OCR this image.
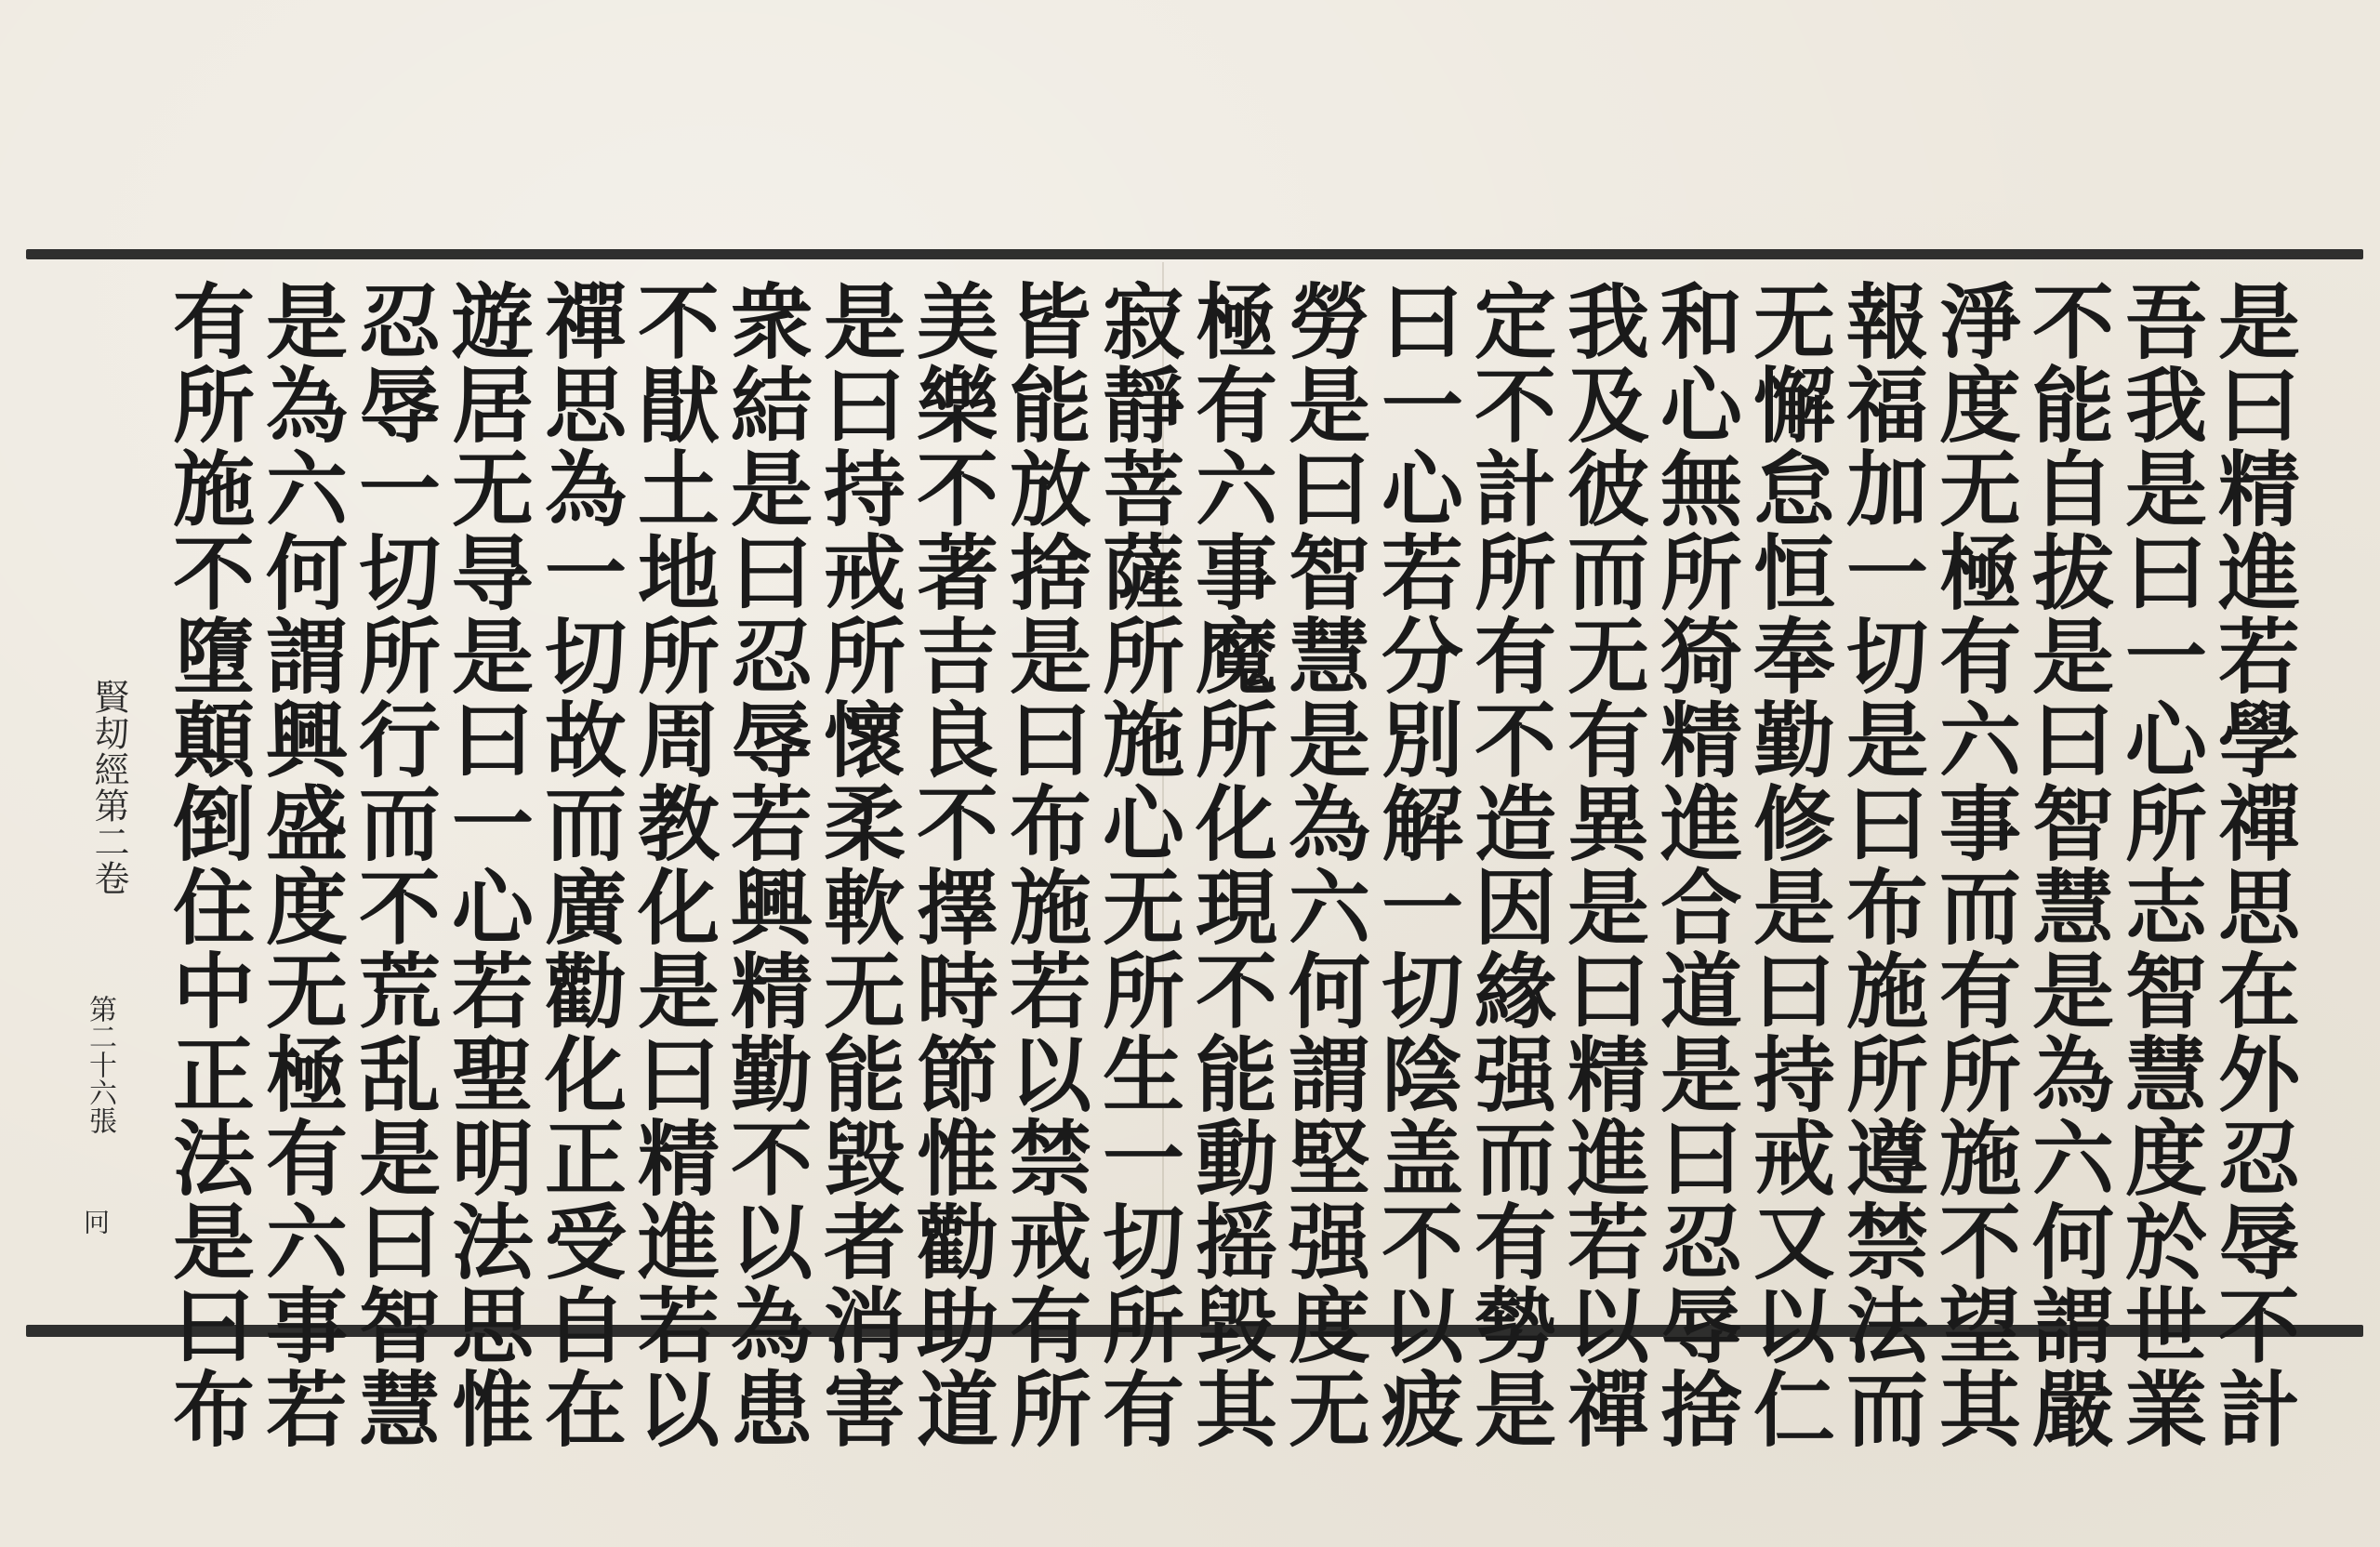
是曰精進若學禪思在外忍辱不計
吾我是曰一心所志智慧度於世業
不能自拔是曰智慧是為六何謂嚴
淨度无極有六事而有所施不望其
報福加一切是曰布施所遵禁法而
无懈怠恒奉勤修是曰持戒又以仁
和心無所猗精進合道是曰忍辱捨
我及彼而无有異是曰精進若以禪
定不計所有不造因緣强而有勢是
曰一心若分別解一切陰盖不以疲
勞是曰智慧是為六何謂堅强度无
極有六事魔所化現不能動摇毀其
寂靜菩薩所施心无所生一切所有
皆能放捨是曰布施若以禁戒有所
美樂不著吉良不擇時節惟勸助道
是曰持戒所懷柔軟无能毀者消害
衆結是曰忍辱若興精勤不以為患
不猒土地所周教化是曰精進若以
禪思為一切故而廣勸化正受自在
遊居无㝵是曰一心若聖明法思惟
忍辱一切所行而不荒乱是曰智慧
是為六何謂興盛度无極有六事若
有所施不墮顛倒住中正法是曰布
賢刧經第二卷
第二十六張
冋
